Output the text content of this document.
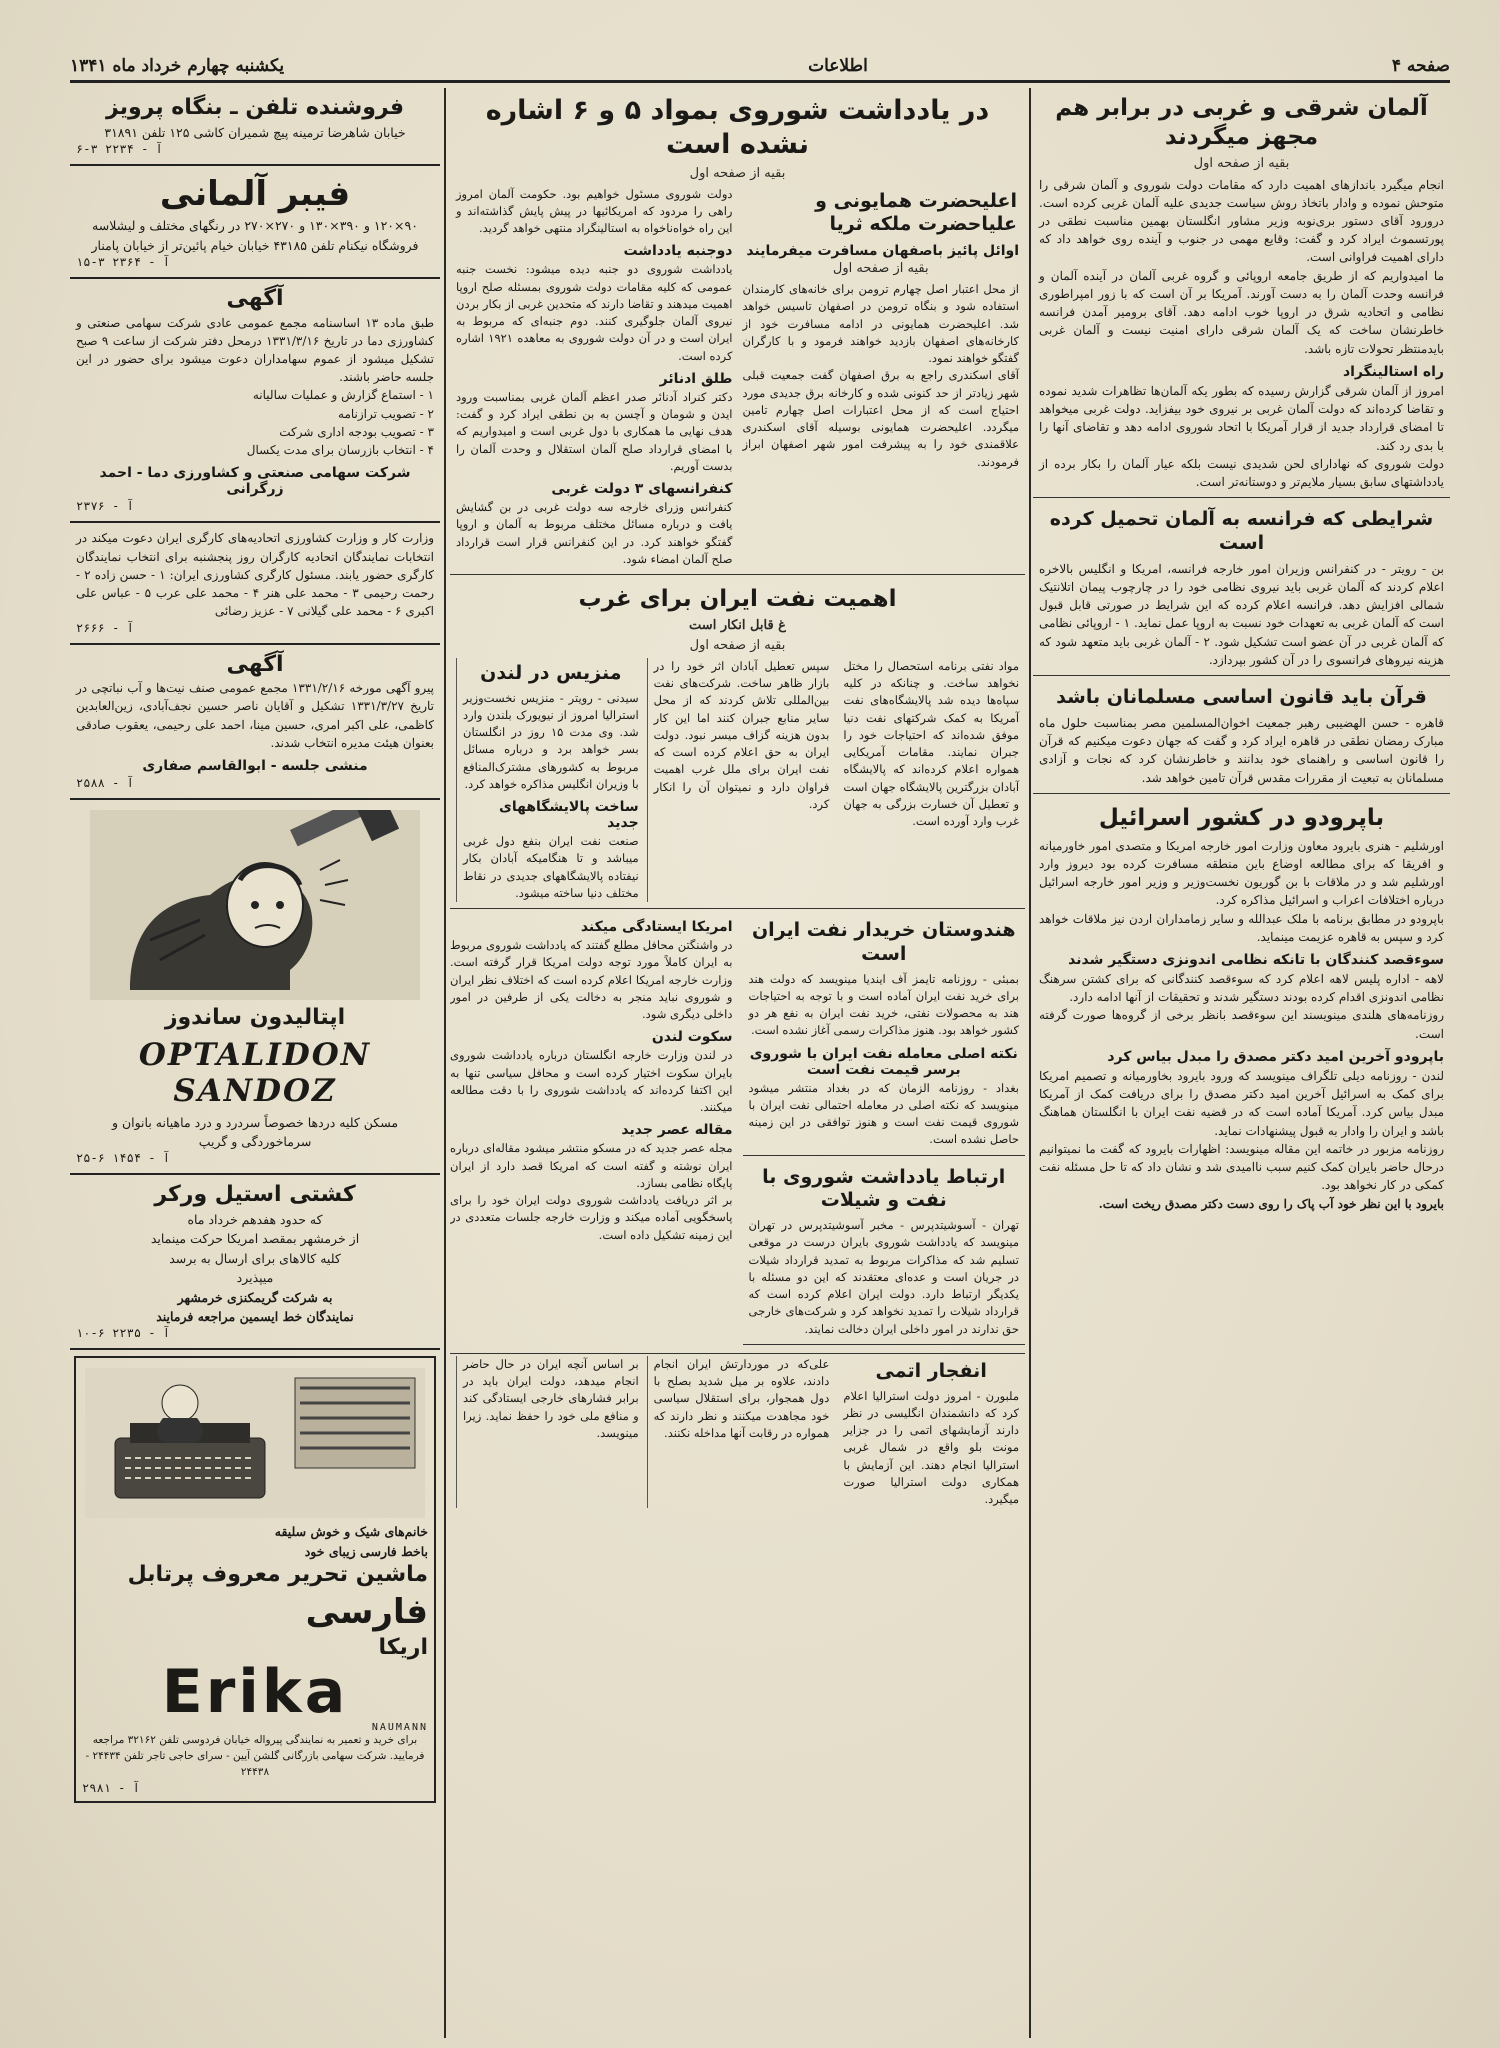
صفحه ۴
اطلاعات
یکشنبه چهارم خرداد ماه ۱۳۴۱
آلمان شرقی و غربی در برابر هم مجهز میگردند
بقیه از صفحه اول

انجام میگیرد باندازهای اهمیت دارد که مقامات دولت شوروی و آلمان شرقی را متوحش نموده و وادار باتخاذ روش سیاست جدیدی علیه آلمان غربی کرده است. درورود آقای دستور بری‌نوبه وزیر مشاور انگلستان بهمین مناسبت نطقی در پورتسموث ایراد کرد و گفت: وقایع مهمی در جنوب و آینده روی خواهد داد که دارای اهمیت فراوانی است.

ما امیدواریم که از طریق جامعه اروپائی و گروه غربی آلمان در آینده آلمان و فرانسه وحدت آلمان را به دست آورند. آمریکا بر آن است که با زور امپراطوری نظامی و اتحادیه شرق در اروپا خوب ادامه دهد. آقای برومیر آمدن فرانسه خاطرنشان ساخت که یک آلمان شرقی دارای امنیت نیست و آلمان غربی بایدمنتظر تحولات تازه باشد.

راه استالینگراد

امروز از آلمان شرقی گزارش رسیده که بطور یکه آلمان‌ها تظاهرات شدید نموده و تقاضا کرده‌اند که دولت آلمان غربی بر نیروی خود بیفزاید. دولت غربی میخواهد تا امضای قرارداد جدید از قرار آمریکا با اتحاد شوروی ادامه دهد و تقاضای آنها را با بدی رد کند.

دولت شوروی که نهادارای لحن شدیدی نیست بلکه عیار آلمان را بکار برده از یادداشتهای سابق بسیار ملایم‌تر و دوستانه‌تر است.

شرایطی که فرانسه به آلمان تحمیل کرده است

بن - رویتر - در کنفرانس وزیران امور خارجه فرانسه، امریکا و انگلیس بالاخره اعلام کردند که آلمان غربی باید نیروی نظامی خود را در چارچوب پیمان اتلانتیک شمالی افزایش دهد. فرانسه اعلام کرده که این شرایط در صورتی قابل قبول است که آلمان غربی به تعهدات خود نسبت به اروپا عمل نماید. ۱ - اروپائی نظامی که آلمان غربی در آن عضو است تشکیل شود. ۲ - آلمان غربی باید متعهد شود که هزینه نیروهای فرانسوی را در آن کشور بپردازد.

قرآن باید قانون اساسی مسلمانان باشد

قاهره - حسن الهضیبی رهبر جمعیت اخوان‌المسلمین مصر بمناسبت حلول ماه مبارک رمضان نطقی در قاهره ایراد کرد و گفت که جهان دعوت میکنیم که قرآن را قانون اساسی و راهنمای خود بدانند و خاطرنشان کرد که نجات و آزادی مسلمانان به تبعیت از مقررات مقدس قرآن تامین خواهد شد.

باپرودو در کشور اسرائیل

اورشلیم - هنری بایرود معاون وزارت امور خارجه امریکا و متصدی امور خاورمیانه و افریقا که برای مطالعه اوضاع باین منطقه مسافرت کرده بود دیروز وارد اورشلیم شد و در ملاقات با بن گوریون نخست‌وزیر و وزیر امور خارجه اسرائیل درباره اختلافات اعراب و اسرائیل مذاکره کرد.

باپرودو در مطابق برنامه با ملک عبدالله و سایر زمامداران اردن نیز ملاقات خواهد کرد و سپس به قاهره عزیمت مینماید.

سوءقصد کنندگان با تانکه نظامی اندونزی دستگیر شدند

لاهه - اداره پلیس لاهه اعلام کرد که سوءقصد کنندگانی که برای کشتن سرهنگ نظامی اندونزی اقدام کرده بودند دستگیر شدند و تحقیقات از آنها ادامه دارد.

روزنامه‌های هلندی مینویسند این سوءقصد بانظر برخی از گروه‌ها صورت گرفته است.

باپرودو آخرین امید دکتر مصدق را مبدل بیاس کرد

لندن - روزنامه دیلی تلگراف مینویسد که ورود بایرود بخاورمیانه و تصمیم امریکا برای کمک به اسرائیل آخرین امید دکتر مصدق را برای دریافت کمک از آمریکا مبدل بیاس کرد. آمریکا آماده است که در قضیه نفت ایران با انگلستان هماهنگ باشد و ایران را وادار به قبول پیشنهادات نماید.

روزنامه مزبور در خاتمه این مقاله مینویسد: اظهارات بایرود که گفت ما نمیتوانیم درحال حاضر بایران کمک کنیم سبب ناامیدی شد و نشان داد که تا حل مسئله نفت کمکی در کار نخواهد بود.

بایرود با این نظر خود آب پاک را روی دست دکتر مصدق ریخت است.

در یادداشت شوروی بمواد ۵ و ۶ اشاره نشده است
بقیه از صفحه اول

دولت شوروی مسئول خواهیم بود. حکومت آلمان امروز راهی را مردود که امریکائیها در پیش پایش گذاشته‌اند و این راه خواه‌ناخواه به استالینگراد منتهی خواهد گردید.

دوجنبه یادداشت

یادداشت شوروی دو جنبه دیده میشود: نخست جنبه عمومی که کلیه مقامات دولت شوروی بمسئله صلح اروپا اهمیت میدهند و تقاضا دارند که متحدین غربی از بکار بردن نیروی آلمان جلوگیری کنند. دوم جنبه‌ای که مربوط به ایران است و در آن دولت شوروی به معاهده ۱۹۲۱ اشاره کرده است.

طلق ادنائر

دکتر کنراد آدنائر صدر اعظم آلمان غربی بمناسبت ورود ایدن و شومان و آچسن به بن نطقی ایراد کرد و گفت: هدف نهایی ما همکاری با دول غربی است و امیدواریم که با امضای قرارداد صلح آلمان استقلال و وحدت آلمان را بدست آوریم.

کنفرانسهای ۳ دولت غربی

کنفرانس وزرای خارجه سه دولت غربی در بن گشایش یافت و درباره مسائل مختلف مربوط به آلمان و اروپا گفتگو خواهند کرد. در این کنفرانس قرار است قرارداد صلح آلمان امضاء شود.

اعلیحضرت همایونی و علیاحضرت ملکه ثریا
اوائل پائیز باصفهان مسافرت میفرمایند
بقیه از صفحه اول

از محل اعتبار اصل چهارم ترومن برای خانه‌های کارمندان استفاده شود و بنگاه ترومن در اصفهان تاسیس خواهد شد. اعلیحضرت همایونی در ادامه مسافرت خود از کارخانه‌های اصفهان بازدید خواهند فرمود و با کارگران گفتگو خواهند نمود.

آقای اسکندری راجع به برق اصفهان گفت جمعیت قبلی شهر زیادتر از حد کنونی شده و کارخانه برق جدیدی مورد احتیاج است که از محل اعتبارات اصل چهارم تامین میگردد. اعلیحضرت همایونی بوسیله آقای اسکندری علاقمندی خود را به پیشرفت امور شهر اصفهان ابراز فرمودند.

اهمیت نفت ایران برای غرب
غ قابل انکار است
بقیه از صفحه اول
منزیس در لندن

سیدنی - رویتر - منزیس نخست‌وزیر استرالیا امروز از نیویورک بلندن وارد شد. وی مدت ۱۵ روز در انگلستان بسر خواهد برد و درباره مسائل مربوط به کشورهای مشترک‌المنافع با وزیران انگلیس مذاکره خواهد کرد.

ساخت پالایشگاههای جدید

صنعت نفت ایران بنفع دول غربی میباشد و تا هنگامیکه آبادان بکار نیفتاده پالایشگاههای جدیدی در نقاط مختلف دنیا ساخته میشود.

سپس تعطیل آبادان اثر خود را در بازار ظاهر ساخت. شرکت‌های نفت بین‌المللی تلاش کردند که از محل سایر منابع جبران کنند اما این کار بدون هزینه گزاف میسر نبود. دولت ایران به حق اعلام کرده است که نفت ایران برای ملل غرب اهمیت فراوان دارد و نمیتوان آن را انکار کرد.

مواد نفتی برنامه استحصال را مختل نخواهد ساخت. و چنانکه در کلیه سپاه‌ها دیده شد پالایشگاه‌های نفت آمریکا به کمک شرکتهای نفت دنیا موفق شده‌اند که احتیاجات خود را جبران نمایند. مقامات آمریکایی همواره اعلام کرده‌اند که پالایشگاه آبادان بزرگترین پالایشگاه جهان است و تعطیل آن خسارت بزرگی به جهان غرب وارد آورده است.

امریکا ایستادگی میکند

در واشنگتن محافل مطلع گفتند که یادداشت شوروی مربوط به ایران کاملاً مورد توجه دولت امریکا قرار گرفته است. وزارت خارجه امریکا اعلام کرده است که اختلاف نظر ایران و شوروی نباید منجر به دخالت یکی از طرفین در امور داخلی دیگری شود.

سکوت لندن

در لندن وزارت خارجه انگلستان درباره یادداشت شوروی بایران سکوت اختیار کرده است و محافل سیاسی تنها به این اکتفا کرده‌اند که یادداشت شوروی را با دقت مطالعه میکنند.

مقاله عصر جدید

مجله عصر جدید که در مسکو منتشر میشود مقاله‌ای درباره ایران نوشته و گفته است که امریکا قصد دارد از ایران پایگاه نظامی بسازد.

بر اثر دریافت یادداشت شوروی دولت ایران خود را برای پاسخگویی آماده میکند و وزارت خارجه جلسات متعددی در این زمینه تشکیل داده است.

هندوستان خریدار نفت ایران است

بمبئی - روزنامه تایمز آف اینديا مینویسد که دولت هند برای خرید نفت ایران آماده است و با توجه به احتیاجات هند به محصولات نفتی، خرید نفت ایران به نفع هر دو کشور خواهد بود. هنوز مذاکرات رسمی آغاز نشده است.

نکته اصلی معامله نفت ایران با شوروی برسر قیمت نفت است

بغداد - روزنامه الزمان که در بغداد منتشر میشود مینویسد که نکته اصلی در معامله احتمالی نفت ایران با شوروی قیمت نفت است و هنوز توافقی در این زمینه حاصل نشده است.

ارتباط یادداشت شوروی با نفت و شیلات

تهران - آسوشیتدپرس - مخبر آسوشیتدپرس در تهران مینویسد که یادداشت شوروی بایران درست در موقعی تسلیم شد که مذاکرات مربوط به تمدید قرارداد شیلات در جریان است و عده‌ای معتقدند که این دو مسئله با یکدیگر ارتباط دارد. دولت ایران اعلام کرده است که قرارداد شیلات را تمدید نخواهد کرد و شرکت‌های خارجی حق ندارند در امور داخلی ایران دخالت نمایند.

بر اساس آنچه ایران در حال حاضر انجام میدهد، دولت ایران باید در برابر فشارهای خارجی ایستادگی کند و منافع ملی خود را حفظ نماید. زیرا مینویسد.

علی‌که در موردارتش ایران انجام دادند، علاوه بر میل شدید بصلح با دول همجوار، برای استقلال سیاسی خود مجاهدت میکنند و نظر دارند که همواره در رقابت آنها مداخله نکنند.

انفجار اتمی

ملبورن - امروز دولت استرالیا اعلام کرد که دانشمندان انگلیسی در نظر دارند آزمایشهای اتمی را در جزایر مونت بلو واقع در شمال غربی استرالیا انجام دهند. این آزمایش با همکاری دولت استرالیا صورت میگیرد.

فروشنده تلفن ـ بنگاه پرویز
خیابان شاهرضا ترمینه پیچ شمیران کاشی ۱۲۵ تلفن ۳۱۸۹۱
آ - ۲۲۳۴ ۳-۶
فیبر آلمانی
۹۰×۱۲۰ و ۳۹۰×۱۳۰ و ۲۷۰×۲۷۰ در رنگهای مختلف و لیشلاسه فروشگاه نیکنام تلفن ۴۳۱۸۵ خیابان خیام پائین‌تر از خیابان پامنار
آ - ۲۳۶۴ ۳-۱۵
آگهی
طبق ماده ۱۳ اساسنامه مجمع عمومی عادی شرکت سهامی صنعتی و کشاورزی دما در تاریخ ۱۳۳۱/۳/۱۶ درمحل دفتر شرکت از ساعت ۹ صبح تشکیل میشود از عموم سهامداران دعوت میشود برای حضور در این جلسه حاضر باشند.
۱ - استماع گزارش و عملیات سالیانه
۲ - تصویب ترازنامه
۳ - تصویب بودجه اداری شرکت
۴ - انتخاب بازرسان برای مدت یکسال
شرکت سهامی صنعتی و کشاورزی دما - احمد زرگرانی
آ - ۲۳۷۶
وزارت کار و وزارت کشاورزی اتحادیه‌های کارگری ایران دعوت میکند در انتخابات نمایندگان اتحادیه کارگران روز پنجشنبه برای انتخاب نمایندگان کارگری حضور یابند. مسئول کارگری کشاورزی ایران: ۱ - حسن زاده ۲ - رحمت رحیمی ۳ - محمد علی هنر ۴ - محمد علی عرب ۵ - عباس علی اکبری ۶ - محمد علی گیلانی ۷ - عزیز رضائی
آ - ۲۶۶۶
آگهی
پیرو آگهی مورخه ۱۳۳۱/۲/۱۶ مجمع عمومی صنف نیت‌ها و آب نباتچی در تاریخ ۱۳۳۱/۳/۲۷ تشکیل و آقایان ناصر حسین نجف‌آبادی، زین‌العابدین کاظمی، علی اکبر امری، حسین مینا، احمد علی رحیمی، یعقوب صادقی بعنوان هیئت مدیره انتخاب شدند.
منشی جلسه - ابوالقاسم صفاری
آ - ۲۵۸۸
اپتالیدون ساندوز
OPTALIDON SANDOZ
مسکن کلیه دردها خصوصاً سردرد و درد ماهیانه بانوان و سرماخوردگی و گریپ
آ - ۱۴۵۴ ۶-۲۵
کشتی استیل ورکر
که حدود هفدهم خرداد ماه
از خرمشهر بمقصد امریکا حرکت مینماید
کلیه کالاهای برای ارسال به برسد
میپذیرد
به شرکت گریمکنزی خرمشهر
نمایندگان خط ایسمین مراجعه فرمایند
آ - ۲۲۳۵ ۶-۱۰
خانم‌های شیک و خوش سلیقه
باخط فارسی زیبای خود
ماشین تحریر معروف پرتابل
فارسی
اریکا
Erika
NAUMANN
برای خرید و تعمیر به نمایندگی پیرواله خیابان فردوسی تلفن ۳۲۱۶۲ مراجعه فرمایید. شرکت سهامی بازرگانی گلشن آیین - سرای حاجی تاجر تلفن ۲۴۴۳۴ - ۲۴۴۳۸
آ - ۲۹۸۱
